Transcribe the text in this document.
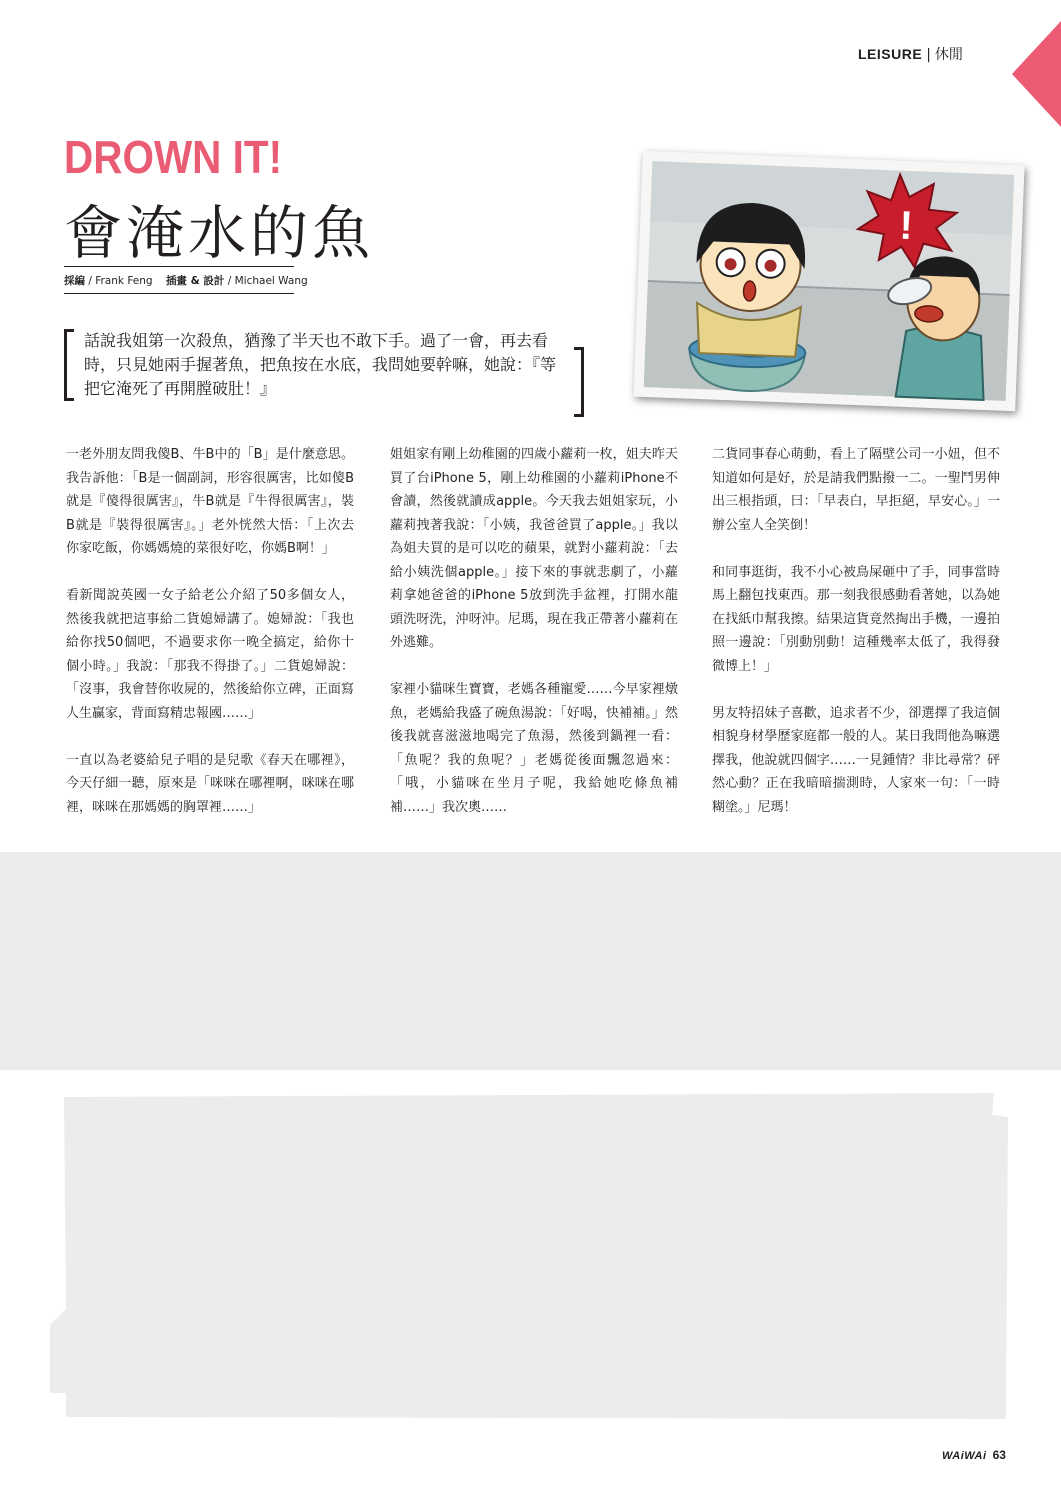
LEISURE | 休閒
DROWN IT!
會淹水的魚
採編 / Frank Feng 插畫 & 設計 / Michael Wang
話說我姐第一次殺魚，猶豫了半天也不敢下手。過了一會，再去看時，只見她兩手握著魚，把魚按在水底，我問她要幹嘛，她說：『等把它淹死了再開膛破肚！』
!

一老外朋友問我傻B、牛B中的「B」是什麼意思。我告訴他：「B是一個副詞，形容很厲害，比如傻B就是『傻得很厲害』，牛B就是『牛得很厲害』，裝B就是『裝得很厲害』。」老外恍然大悟：「上次去你家吃飯，你媽媽燒的菜很好吃，你媽B啊！」

看新聞說英國一女子給老公介紹了50多個女人，然後我就把這事給二貨媳婦講了。媳婦說：「我也給你找50個吧，不過要求你一晚全搞定，給你十個小時。」我說：「那我不得掛了。」二貨媳婦說：「沒事，我會替你收屍的，然後給你立碑，正面寫人生贏家，背面寫精忠報國……」

一直以為老婆給兒子唱的是兒歌《春天在哪裡》，今天仔細一聽，原來是「咪咪在哪裡啊，咪咪在哪裡，咪咪在那媽媽的胸罩裡……」

姐姐家有剛上幼稚園的四歲小蘿莉一枚，姐夫昨天買了台iPhone 5，剛上幼稚園的小蘿莉iPhone不會讀，然後就讀成apple。今天我去姐姐家玩，小蘿莉拽著我說：「小姨，我爸爸買了apple。」我以為姐夫買的是可以吃的蘋果，就對小蘿莉說：「去給小姨洗個apple。」接下來的事就悲劇了，小蘿莉拿她爸爸的iPhone 5放到洗手盆裡，打開水龍頭洗呀洗，沖呀沖。尼瑪，現在我正帶著小蘿莉在外逃難。

家裡小貓咪生寶寶，老媽各種寵愛……今早家裡燉魚，老媽給我盛了碗魚湯說：「好喝，快補補。」然後我就喜滋滋地喝完了魚湯，然後到鍋裡一看：「魚呢？我的魚呢？」老媽從後面飄忽過來：「哦，小貓咪在坐月子呢，我給她吃條魚補補……」我次奧……

二貨同事春心萌動，看上了隔壁公司一小妞，但不知道如何是好，於是請我們點撥一二。一聖鬥男伸出三根指頭，曰：「早表白，早拒絕，早安心。」一辦公室人全笑倒！

和同事逛街，我不小心被鳥屎砸中了手，同事當時馬上翻包找東西。那一刻我很感動看著她，以為她在找紙巾幫我擦。結果這貨竟然掏出手機，一邊拍照一邊說：「別動別動！這種幾率太低了，我得發微博上！」

男友特招妹子喜歡，追求者不少，卻選擇了我這個相貌身材學歷家庭都一般的人。某日我問他為嘛選擇我，他說就四個字……一見鍾情？非比尋常？砰然心動？正在我暗暗揣測時，人家來一句：「一時糊塗。」尼瑪！

WAiWAi 63
